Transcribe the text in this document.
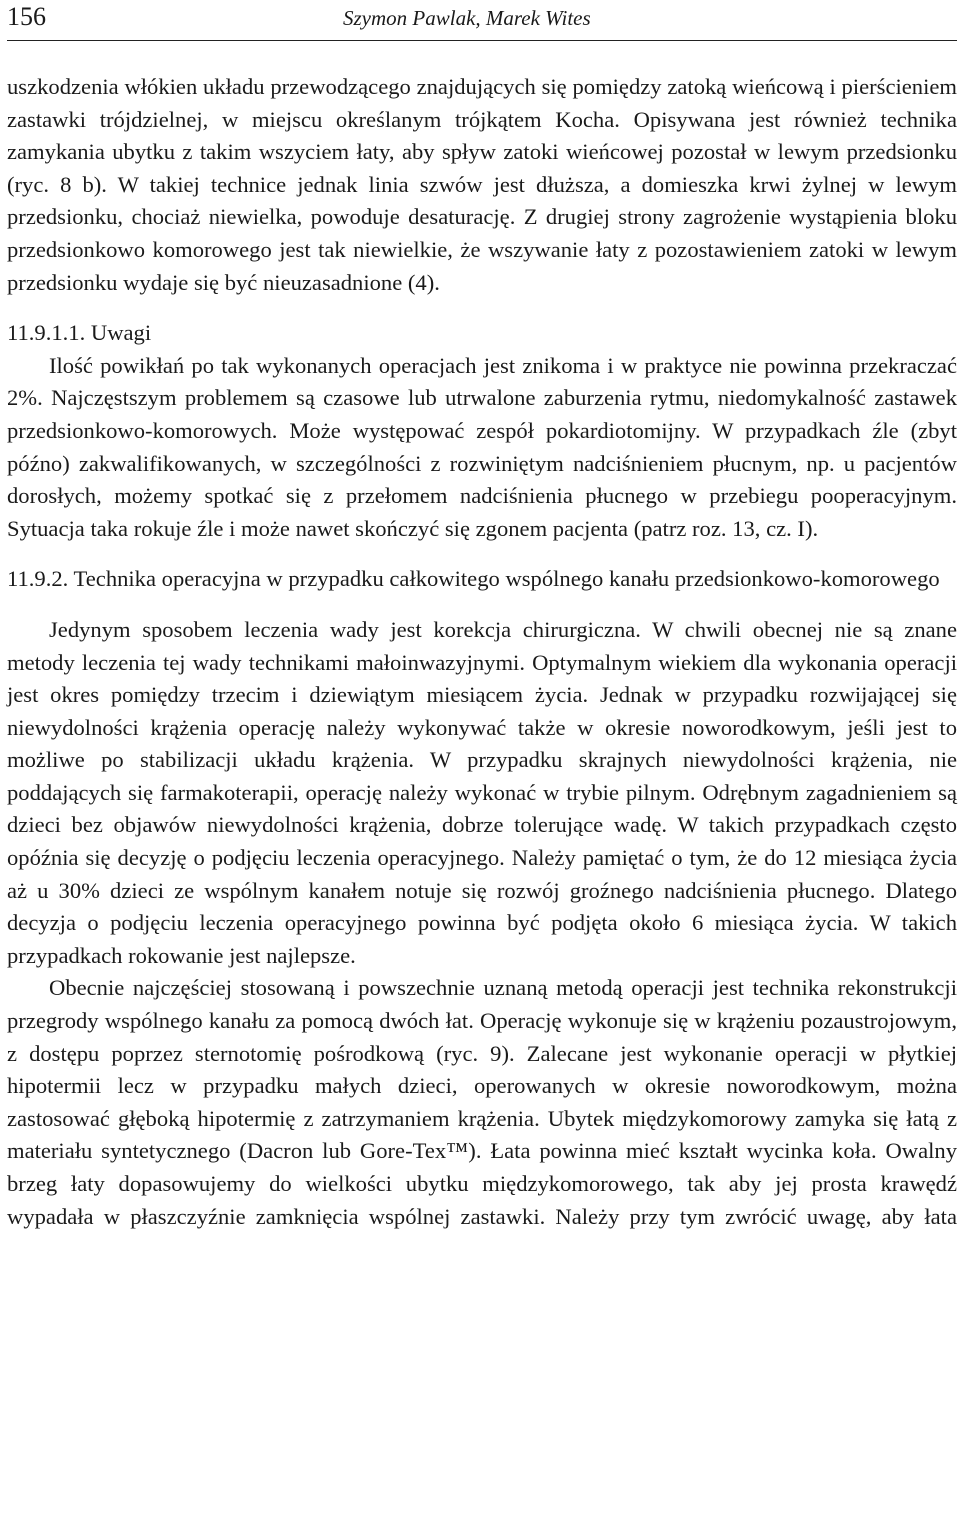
156	Szymon Pawlak, Marek Wites

uszkodzenia włókien układu przewodzącego znajdujących się pomiędzy zatoką wieńcową i pierścieniem zastawki trójdzielnej, w miejscu określanym trójkątem Kocha. Opisywana jest również technika zamykania ubytku z takim wszyciem łaty, aby spływ zatoki wieńcowej pozostał w lewym przedsionku (ryc. 8 b). W takiej technice jednak linia szwów jest dłuższa, a domieszka krwi żylnej w lewym przedsionku, chociaż niewielka, powoduje desaturację. Z drugiej strony zagrożenie wystąpienia bloku przedsionkowo komorowego jest tak niewielkie, że wszywanie łaty z pozostawieniem zatoki w lewym przedsionku wydaje się być nieuzasadnione (4).

11.9.1.1. Uwagi

Ilość powikłań po tak wykonanych operacjach jest znikoma i w praktyce nie powinna przekraczać 2%. Najczęstszym problemem są czasowe lub utrwalone zaburzenia rytmu, niedomykalność zastawek przedsionkowo-komorowych. Może występować zespół pokardiotomijny. W przypadkach źle (zbyt późno) zakwalifikowanych, w szczególności z rozwiniętym nadciśnieniem płucnym, np. u pacjentów dorosłych, możemy spotkać się z przełomem nadciśnienia płucnego w przebiegu pooperacyjnym. Sytuacja taka rokuje źle i może nawet skończyć się zgonem pacjenta (patrz roz. 13, cz. I).

11.9.2. Technika operacyjna w przypadku całkowitego wspólnego kanału przedsionkowo-komorowego

Jedynym sposobem leczenia wady jest korekcja chirurgiczna. W chwili obecnej nie są znane metody leczenia tej wady technikami małoinwazyjnymi. Optymalnym wiekiem dla wykonania operacji jest okres pomiędzy trzecim i dziewiątym miesiącem życia. Jednak w przypadku rozwijającej się niewydolności krążenia operację należy wykonywać także w okresie noworodkowym, jeśli jest to możliwe po stabilizacji układu krążenia. W przypadku skrajnych niewydolności krążenia, nie poddających się farmakoterapii, operację należy wykonać w trybie pilnym. Odrębnym zagadnieniem są dzieci bez objawów niewydolności krążenia, dobrze tolerujące wadę. W takich przypadkach często opóźnia się decyzję o podjęciu leczenia operacyjnego. Należy pamiętać o tym, że do 12 miesiąca życia aż u 30% dzieci ze wspólnym kanałem notuje się rozwój groźnego nadciśnienia płucnego. Dlatego decyzja o podjęciu leczenia operacyjnego powinna być podjęta około 6 miesiąca życia. W takich przypadkach rokowanie jest najlepsze.

Obecnie najczęściej stosowaną i powszechnie uznaną metodą operacji jest technika rekonstrukcji przegrody wspólnego kanału za pomocą dwóch łat. Operację wykonuje się w krążeniu pozaustrojowym, z dostępu poprzez sternotomię pośrodkową (ryc. 9). Zalecane jest wykonanie operacji w płytkiej hipotermii lecz w przypadku małych dzieci, operowanych w okresie noworodkowym, można zastosować głęboką hipotermię z zatrzymaniem krążenia. Ubytek międzykomorowy zamyka się łatą z materiału syntetycznego (Dacron lub Gore-Tex™). Łata powinna mieć kształt wycinka koła. Owalny brzeg łaty dopasowujemy do wielkości ubytku międzykomorowego, tak aby jej prosta krawędź wypadała w płaszczyźnie zamknięcia wspólnej zastawki. Należy przy tym zwrócić uwagę, aby łata
